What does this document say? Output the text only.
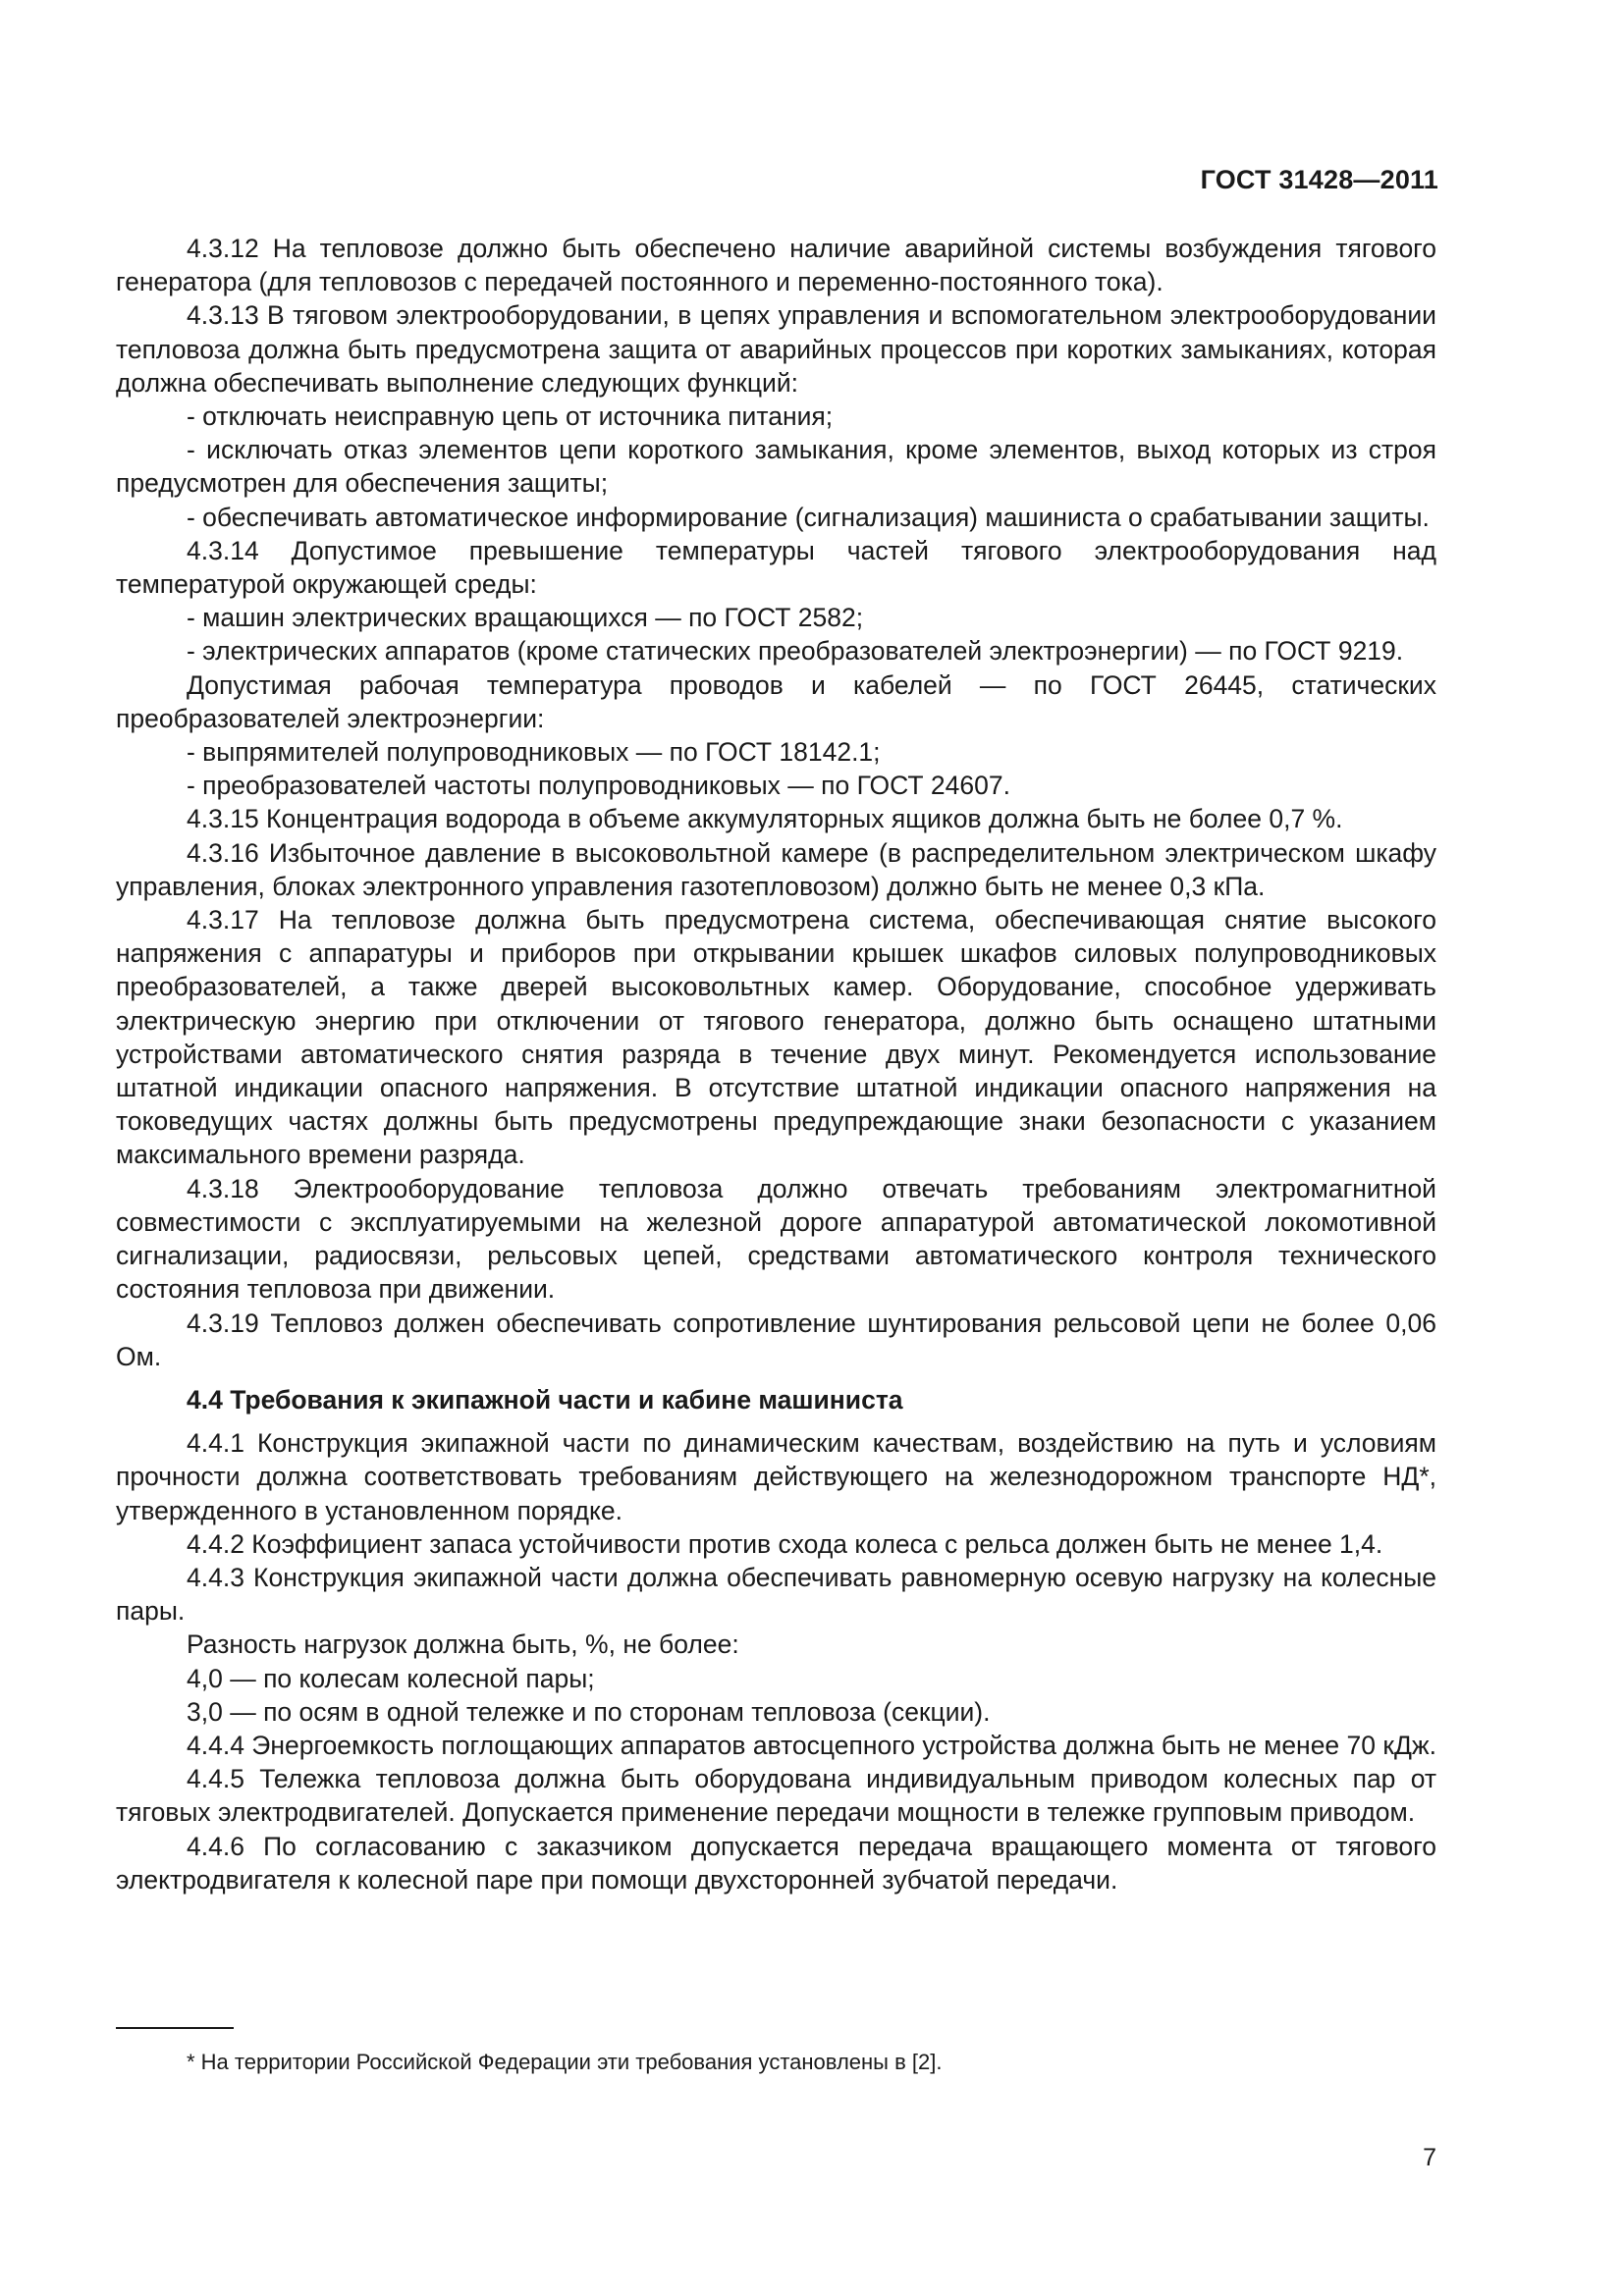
ГОСТ 31428—2011

4.3.12 На тепловозе должно быть обеспечено наличие аварийной системы возбуждения тягового генератора (для тепловозов с передачей постоянного и переменно-постоянного тока).

4.3.13 В тяговом электрооборудовании, в цепях управления и вспомогательном электрооборудовании тепловоза должна быть предусмотрена защита от аварийных процессов при коротких замыканиях, которая должна обеспечивать выполнение следующих функций:

- отключать неисправную цепь от источника питания;

- исключать отказ элементов цепи короткого замыкания, кроме элементов, выход которых из строя предусмотрен для обеспечения защиты;

- обеспечивать автоматическое информирование (сигнализация) машиниста о срабатывании защиты.

4.3.14 Допустимое превышение температуры частей тягового электрооборудования над температурой окружающей среды:

- машин электрических вращающихся — по ГОСТ 2582;

- электрических аппаратов (кроме статических преобразователей электроэнергии) — по ГОСТ 9219.

Допустимая рабочая температура проводов и кабелей — по ГОСТ 26445, статических преобразователей электроэнергии:

- выпрямителей полупроводниковых — по ГОСТ 18142.1;

- преобразователей частоты полупроводниковых — по ГОСТ 24607.

4.3.15 Концентрация водорода в объеме аккумуляторных ящиков должна быть не более 0,7 %.

4.3.16 Избыточное давление в высоковольтной камере (в распределительном электрическом шкафу управления, блоках электронного управления газотепловозом) должно быть не менее 0,3 кПа.

4.3.17 На тепловозе должна быть предусмотрена система, обеспечивающая снятие высокого напряжения с аппаратуры и приборов при открывании крышек шкафов силовых полупроводниковых преобразователей, а также дверей высоковольтных камер. Оборудование, способное удерживать электрическую энергию при отключении от тягового генератора, должно быть оснащено штатными устройствами автоматического снятия разряда в течение двух минут. Рекомендуется использование штатной индикации опасного напряжения. В отсутствие штатной индикации опасного напряжения на токоведущих частях должны быть предусмотрены предупреждающие знаки безопасности с указанием максимального времени разряда.

4.3.18 Электрооборудование тепловоза должно отвечать требованиям электромагнитной совместимости с эксплуатируемыми на железной дороге аппаратурой автоматической локомотивной сигнализации, радиосвязи, рельсовых цепей, средствами автоматического контроля технического состояния тепловоза при движении.

4.3.19 Тепловоз должен обеспечивать сопротивление шунтирования рельсовой цепи не более 0,06 Ом.

4.4 Требования к экипажной части и кабине машиниста

4.4.1 Конструкция экипажной части по динамическим качествам, воздействию на путь и условиям прочности должна соответствовать требованиям действующего на железнодорожном транспорте НД*, утвержденного в установленном порядке.

4.4.2 Коэффициент запаса устойчивости против схода колеса с рельса должен быть не менее 1,4.

4.4.3 Конструкция экипажной части должна обеспечивать равномерную осевую нагрузку на колесные пары.

Разность нагрузок должна быть, %, не более:

4,0 — по колесам колесной пары;

3,0 — по осям в одной тележке и по сторонам тепловоза (секции).

4.4.4 Энергоемкость поглощающих аппаратов автосцепного устройства должна быть не менее 70 кДж.

4.4.5 Тележка тепловоза должна быть оборудована индивидуальным приводом колесных пар от тяговых электродвигателей. Допускается применение передачи мощности в тележке групповым приводом.

4.4.6 По согласованию с заказчиком допускается передача вращающего момента от тягового электродвигателя к колесной паре при помощи двухсторонней зубчатой передачи.

* На территории Российской Федерации эти требования установлены в [2].
7
